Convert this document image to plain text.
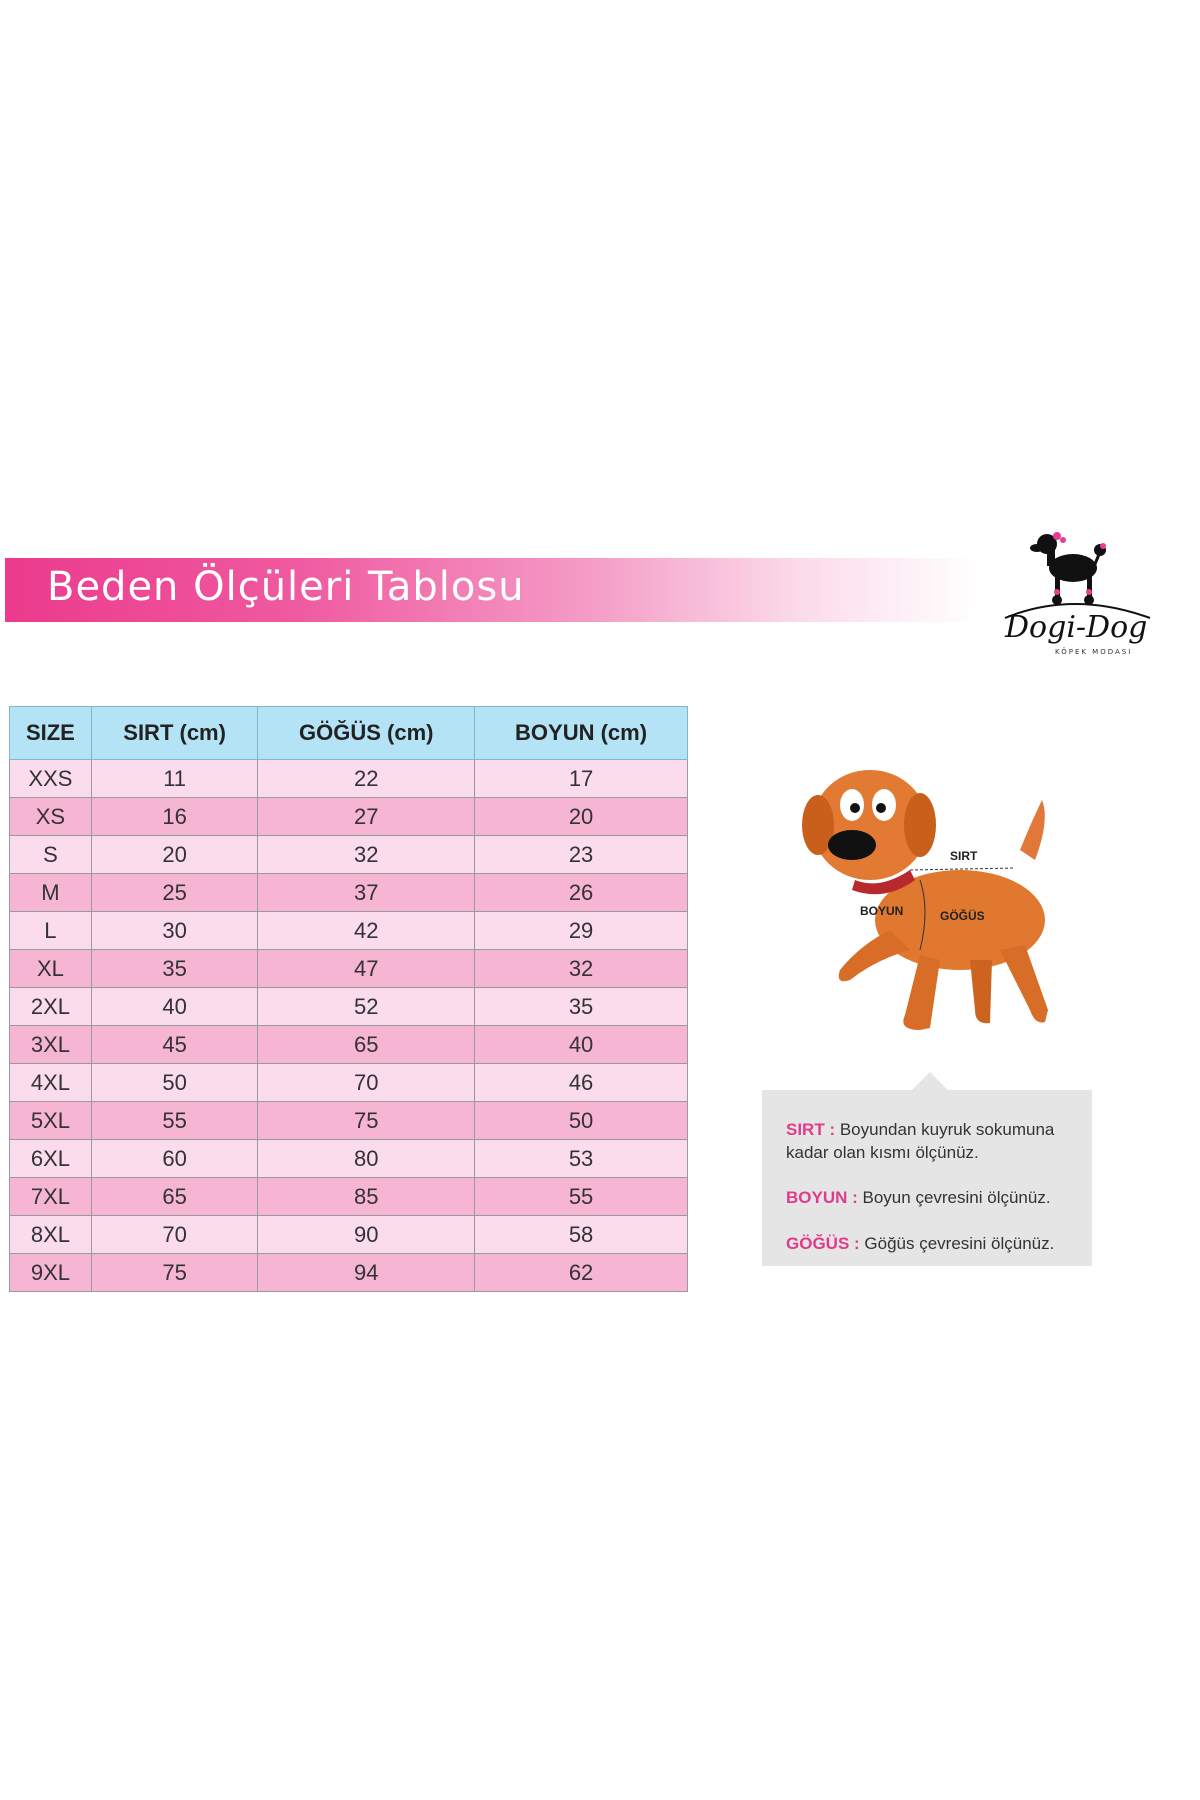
Beden Ölçüleri Tablosu
Dogi-Dog
KÖPEK MODASI
SIZE	SIRT (cm)	GÖĞÜS (cm)	BOYUN (cm)
XXS	11	22	17
XS	16	27	20
S	20	32	23
M	25	37	26
L	30	42	29
XL	35	47	32
2XL	40	52	35
3XL	45	65	40
4XL	50	70	46
5XL	55	75	50
6XL	60	80	53
7XL	65	85	55
8XL	70	90	58
9XL	75	94	62
SIRT
BOYUN	GÖĞÜS

SIRT : Boyundan kuyruk sokumuna kadar olan kısmı ölçünüz.

BOYUN : Boyun çevresini ölçünüz.

GÖĞÜS : Göğüs çevresini ölçünüz.
